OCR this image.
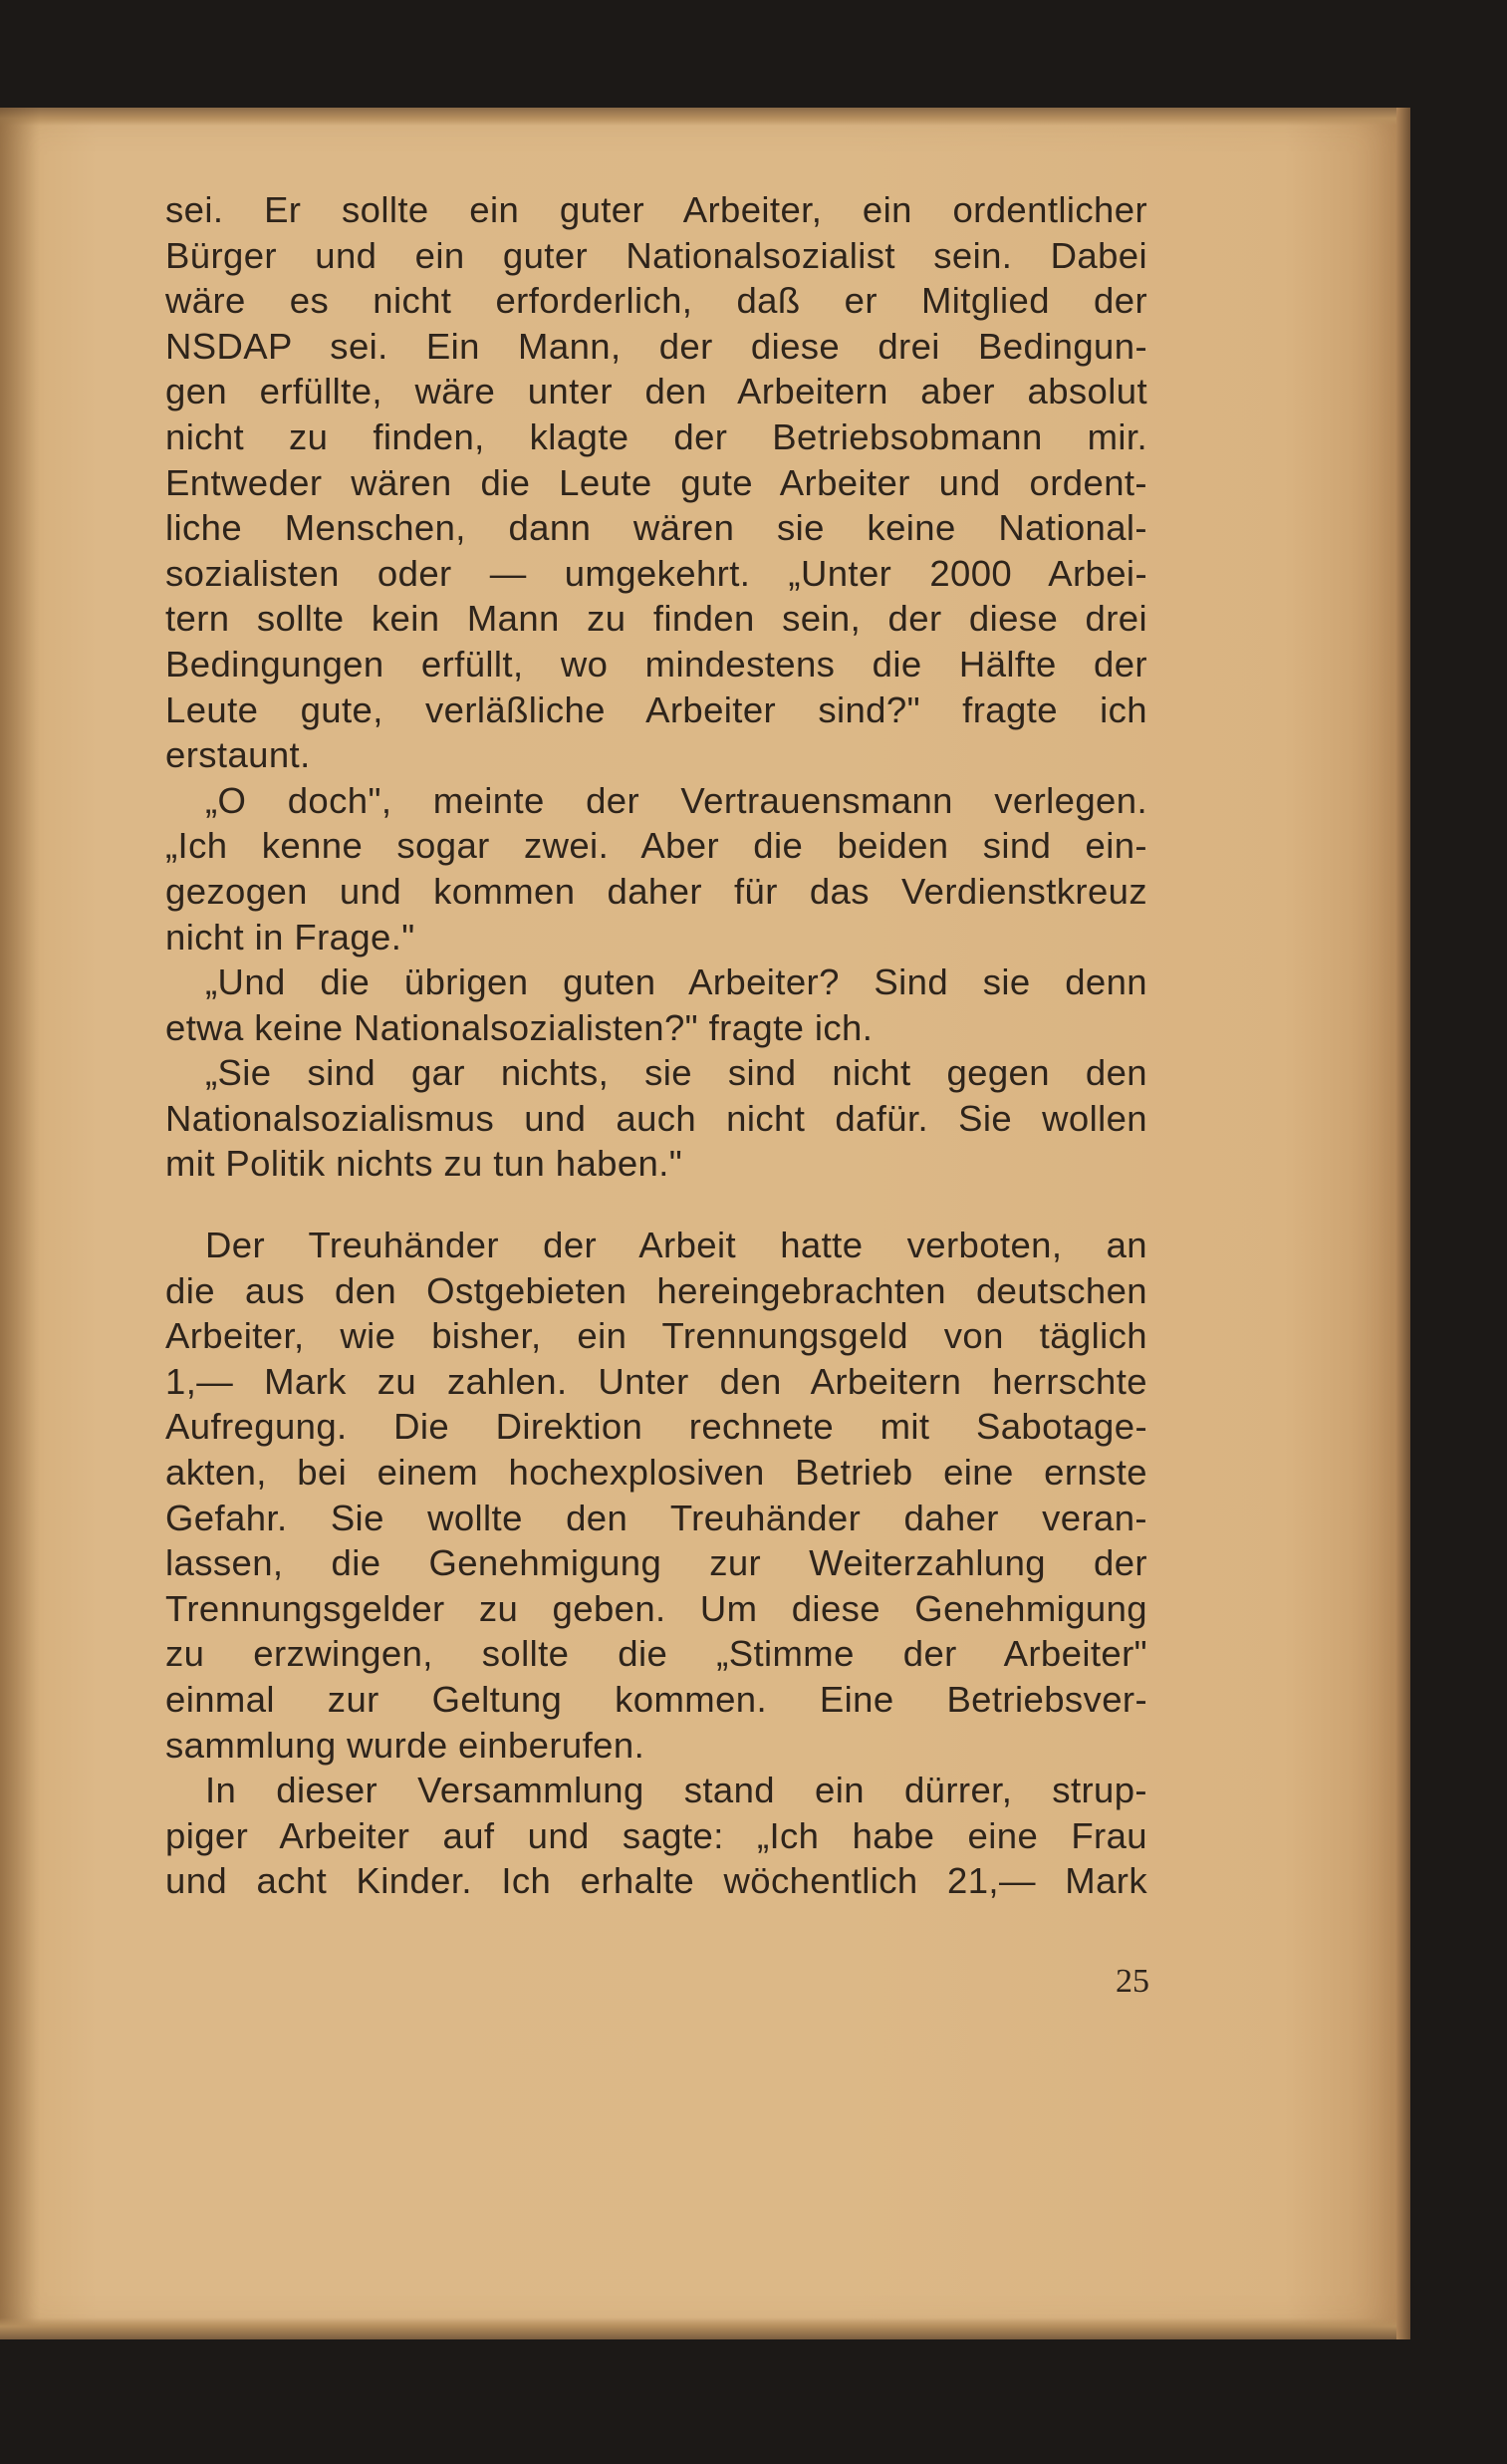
sei. Er sollte ein guter Arbeiter, ein ordentlicher
Bürger und ein guter Nationalsozialist sein. Dabei
wäre es nicht erforderlich, daß er Mitglied der
NSDAP sei. Ein Mann, der diese drei Bedingun-
gen erfüllte, wäre unter den Arbeitern aber absolut
nicht zu finden, klagte der Betriebsobmann mir.
Entweder wären die Leute gute Arbeiter und ordent-
liche Menschen, dann wären sie keine National-
sozialisten oder — umgekehrt. „Unter 2000 Arbei-
tern sollte kein Mann zu finden sein, der diese drei
Bedingungen erfüllt, wo mindestens die Hälfte der
Leute gute, verläßliche Arbeiter sind?" fragte ich
erstaunt.
„O doch", meinte der Vertrauensmann verlegen.
„Ich kenne sogar zwei. Aber die beiden sind ein-
gezogen und kommen daher für das Verdienstkreuz
nicht in Frage."
„Und die übrigen guten Arbeiter? Sind sie denn
etwa keine Nationalsozialisten?" fragte ich.
„Sie sind gar nichts, sie sind nicht gegen den
Nationalsozialismus und auch nicht dafür. Sie wollen
mit Politik nichts zu tun haben."
Der Treuhänder der Arbeit hatte verboten, an
die aus den Ostgebieten hereingebrachten deutschen
Arbeiter, wie bisher, ein Trennungsgeld von täglich
1,— Mark zu zahlen. Unter den Arbeitern herrschte
Aufregung. Die Direktion rechnete mit Sabotage-
akten, bei einem hochexplosiven Betrieb eine ernste
Gefahr. Sie wollte den Treuhänder daher veran-
lassen, die Genehmigung zur Weiterzahlung der
Trennungsgelder zu geben. Um diese Genehmigung
zu erzwingen, sollte die „Stimme der Arbeiter"
einmal zur Geltung kommen. Eine Betriebsver-
sammlung wurde einberufen.
In dieser Versammlung stand ein dürrer, strup-
piger Arbeiter auf und sagte: „Ich habe eine Frau
und acht Kinder. Ich erhalte wöchentlich 21,— Mark
25
